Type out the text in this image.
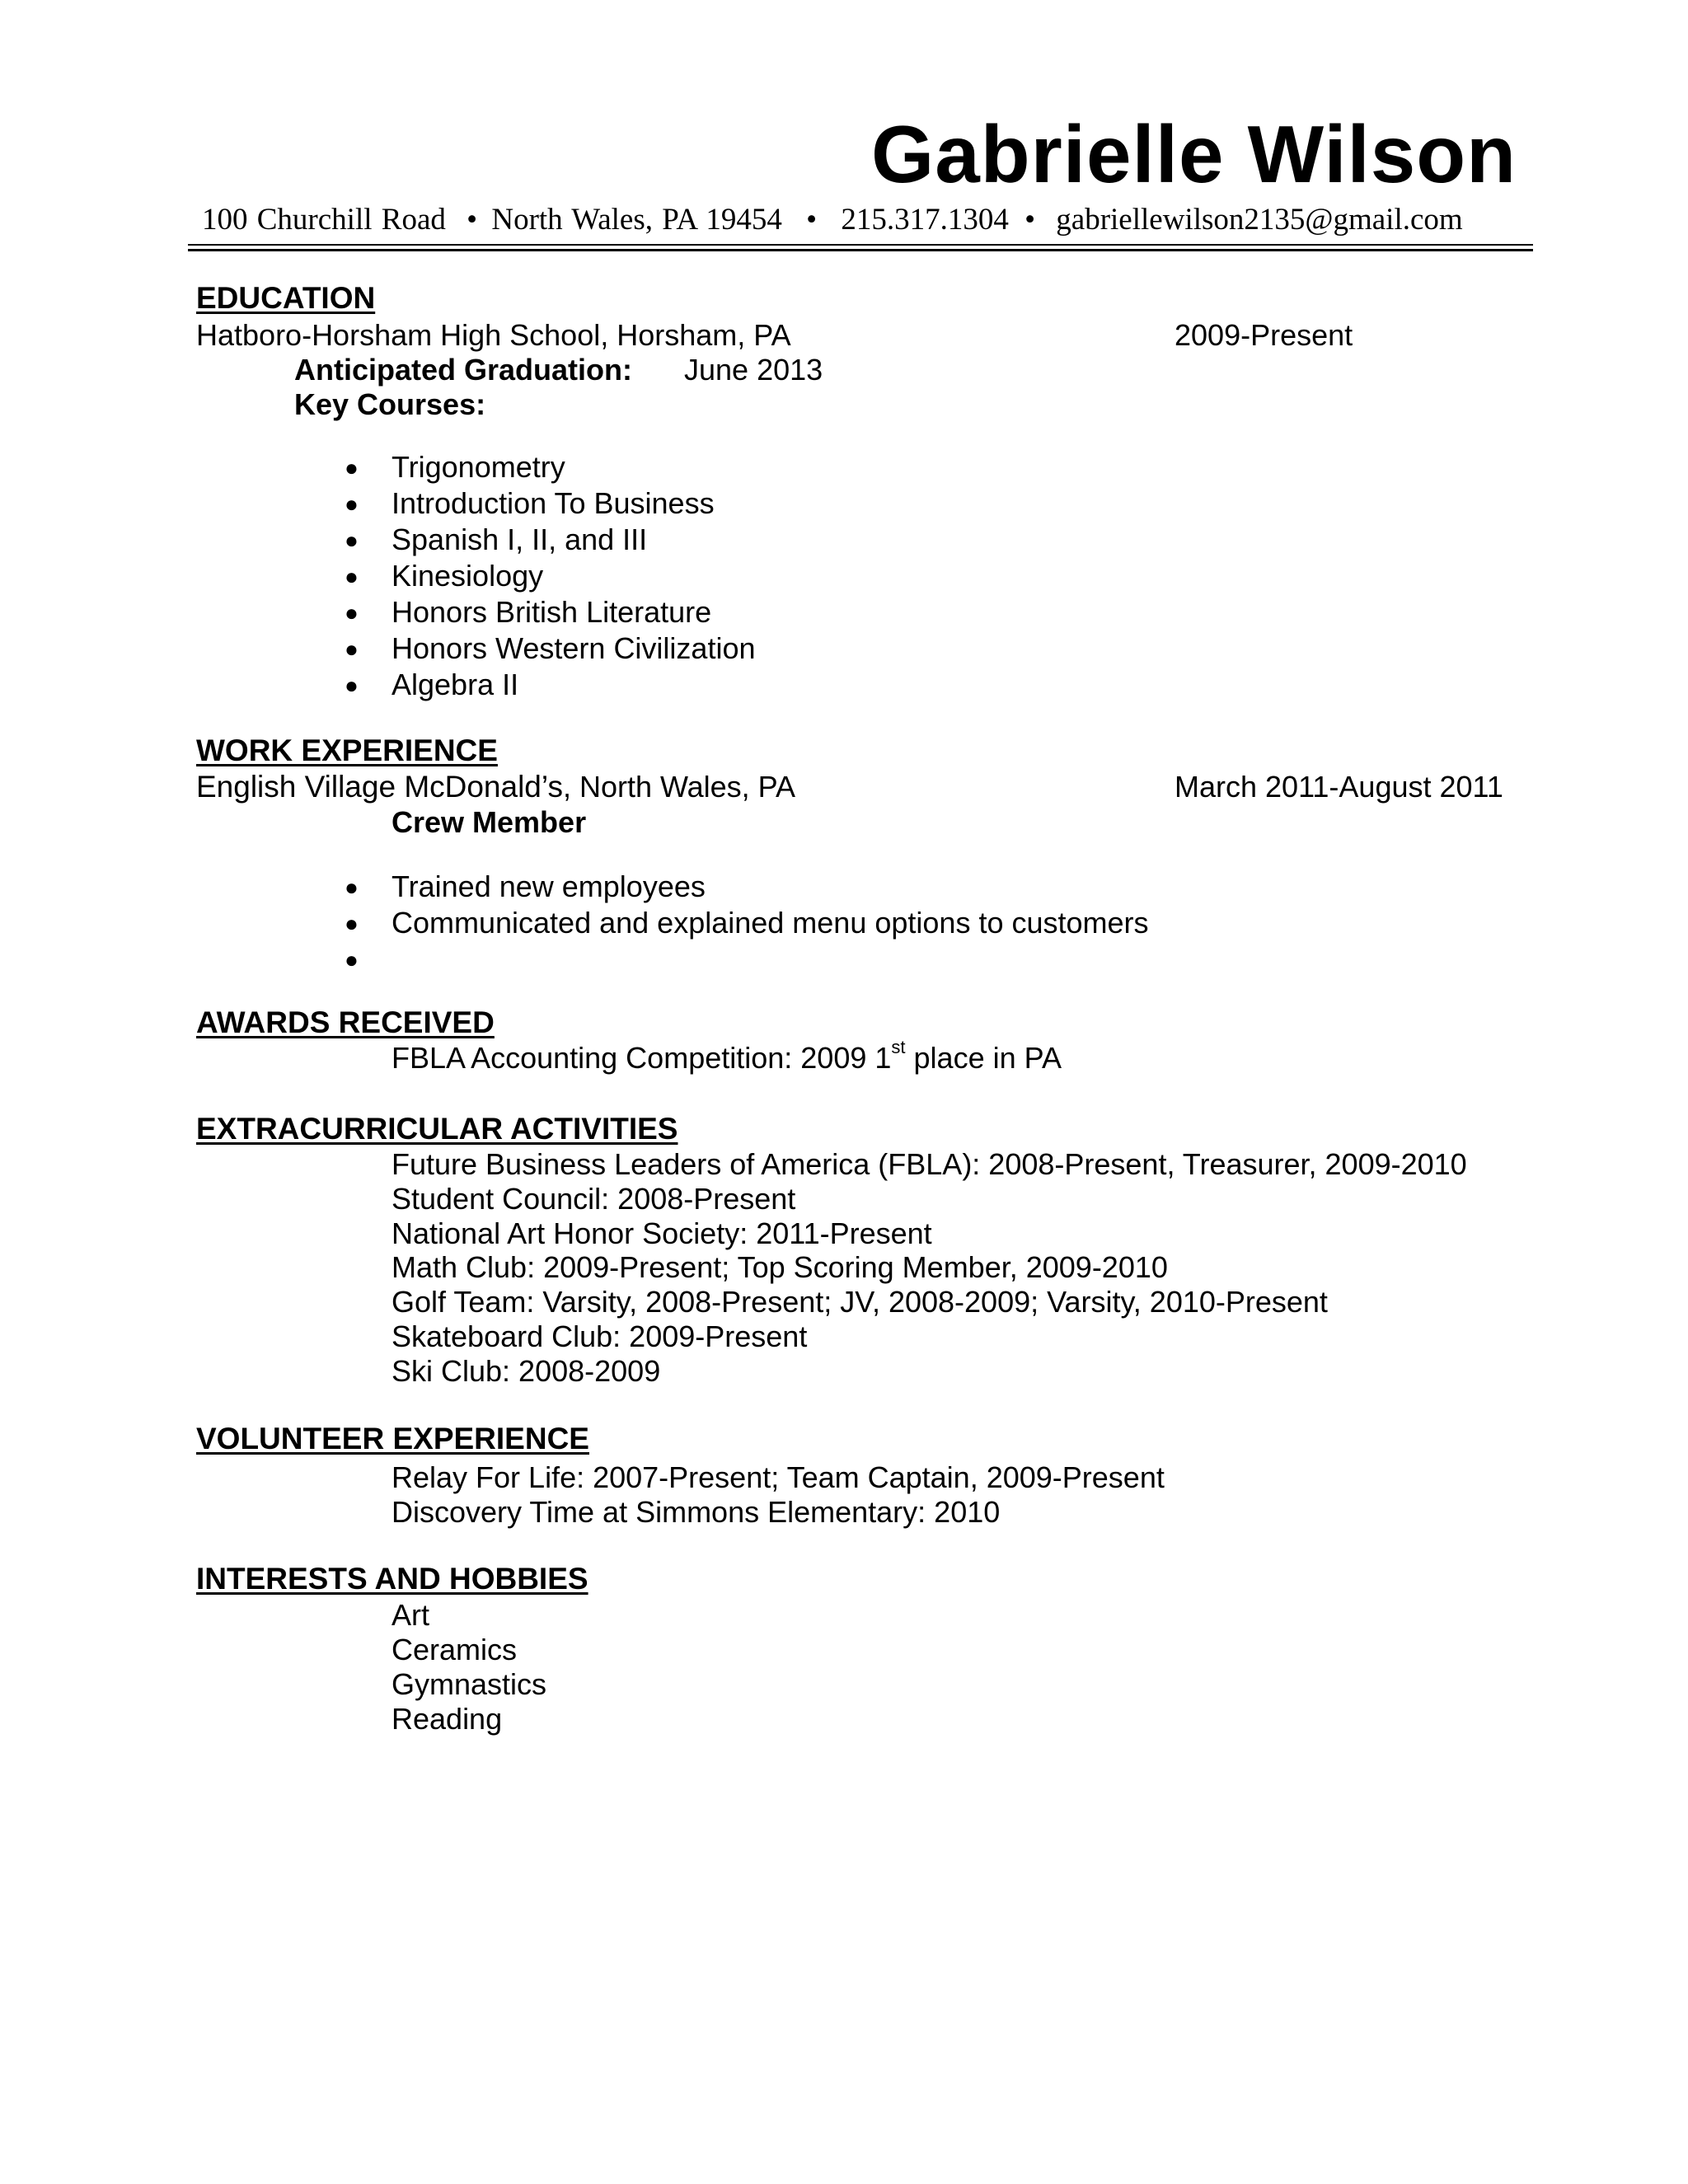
Gabrielle Wilson
100 Churchill Road • North Wales, PA 19454 • 215.317.1304 • gabriellewilson2135@gmail.com
EDUCATION
Hatboro-Horsham High School, Horsham, PA	2009-Present
Anticipated Graduation: June 2013
Key Courses:
● Trigonometry
● Introduction To Business
● Spanish I, II, and III
● Kinesiology
● Honors British Literature
● Honors Western Civilization
● Algebra II
WORK EXPERIENCE
English Village McDonald’s, North Wales, PA	March 2011-August 2011
Crew Member
● Trained new employees
● Communicated and explained menu options to customers
●
AWARDS RECEIVED
FBLA Accounting Competition: 2009 1st place in PA
EXTRACURRICULAR ACTIVITIES
Future Business Leaders of America (FBLA): 2008-Present, Treasurer, 2009-2010
Student Council: 2008-Present
National Art Honor Society: 2011-Present
Math Club: 2009-Present; Top Scoring Member, 2009-2010
Golf Team: Varsity, 2008-Present; JV, 2008-2009; Varsity, 2010-Present
Skateboard Club: 2009-Present
Ski Club: 2008-2009
VOLUNTEER EXPERIENCE
Relay For Life: 2007-Present; Team Captain, 2009-Present
Discovery Time at Simmons Elementary: 2010
INTERESTS AND HOBBIES
Art
Ceramics
Gymnastics
Reading
